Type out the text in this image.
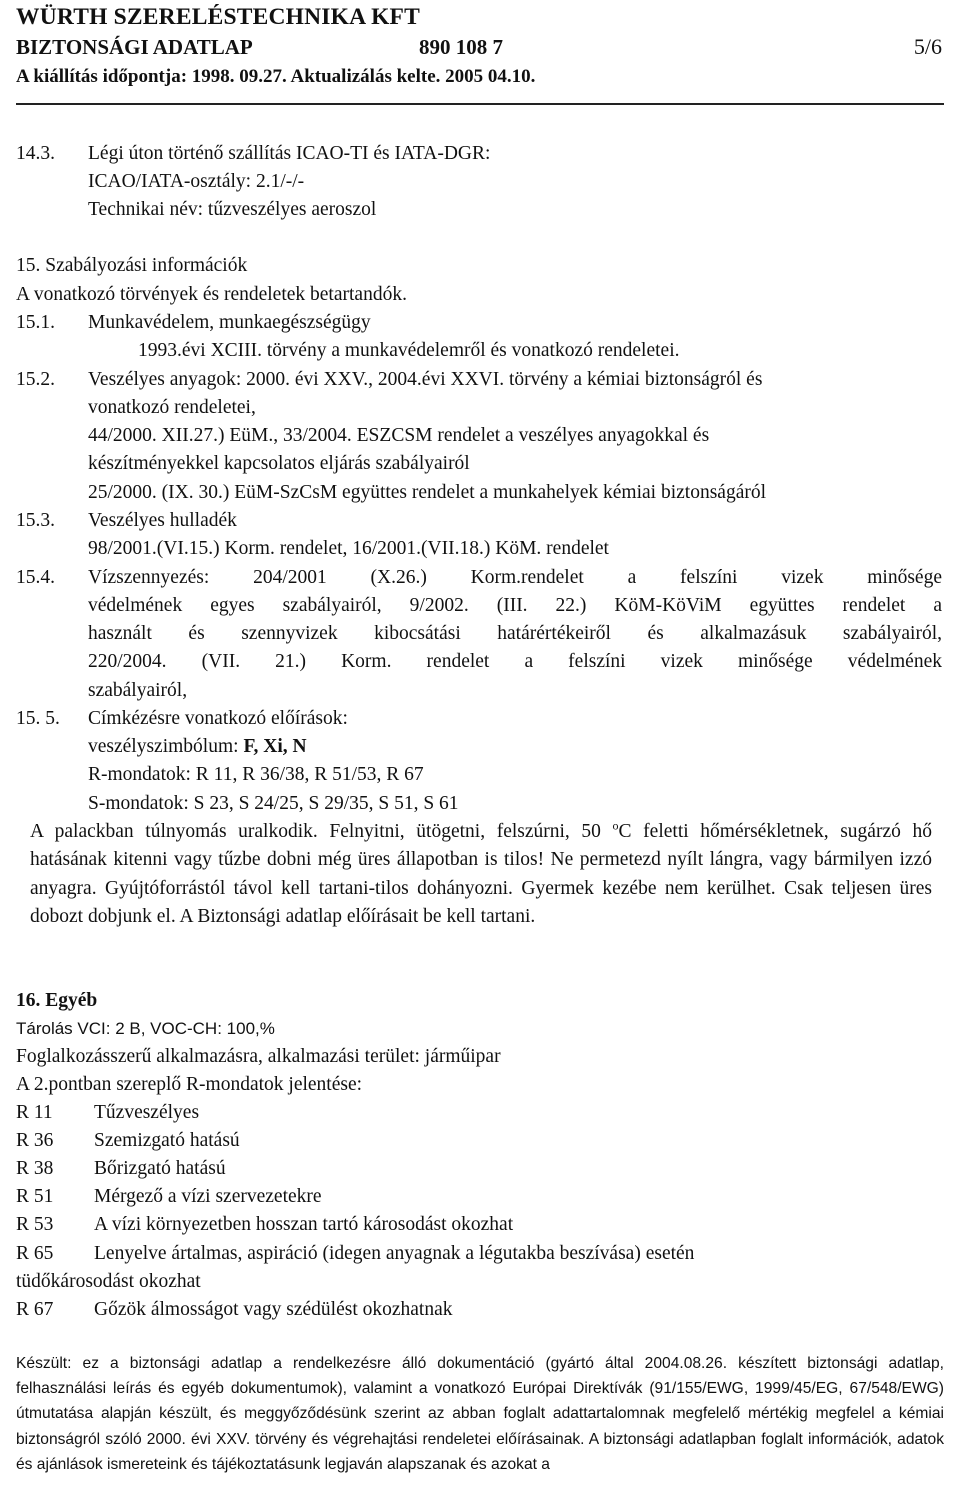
WÜRTH SZERELÉSTECHNIKA KFT
BIZTONSÁGI ADATLAP	890 108 7	5/6
A kiállítás időpontja: 1998. 09.27. Aktualizálás kelte. 2005 04.10.
14.3. Légi úton történő szállítás ICAO-TI és IATA-DGR:
ICAO/IATA-osztály: 2.1/-/-
Technikai név: tűzveszélyes aeroszol
15. Szabályozási információk
A vonatkozó törvények és rendeletek betartandók.
15.1. Munkavédelem, munkaegészségügy
1993.évi XCIII. törvény a munkavédelemről és vonatkozó rendeletei.
15.2. Veszélyes anyagok: 2000. évi XXV., 2004.évi XXVI. törvény a kémiai biztonságról és
vonatkozó rendeletei,
44/2000. XII.27.) EüM., 33/2004. ESZCSM rendelet a veszélyes anyagokkal és
készítményekkel kapcsolatos eljárás szabályairól
25/2000. (IX. 30.) EüM-SzCsM együttes rendelet a munkahelyek kémiai biztonságáról
15.3. Veszélyes hulladék
98/2001.(VI.15.) Korm. rendelet, 16/2001.(VII.18.) KöM. rendelet
15.4. Vízszennyezés: 204/2001 (X.26.) Korm.rendelet a felszíni vizek minősége
védelmének egyes szabályairól, 9/2002. (III. 22.) KöM-KöViM együttes rendelet a
használt és szennyvizek kibocsátási határértékeiről és alkalmazásuk szabályairól,
220/2004. (VII. 21.) Korm. rendelet a felszíni vizek minősége védelmének
szabályairól,
15. 5. Címkézésre vonatkozó előírások:
veszélyszimbólum: F, Xi, N
R-mondatok: R 11, R 36/38, R 51/53, R 67
S-mondatok: S 23, S 24/25, S 29/35, S 51, S 61
A palackban túlnyomás uralkodik. Felnyitni, ütögetni, felszúrni, 50 $^o$C feletti hőmérsékletnek, sugárzó hő hatásának kitenni vagy tűzbe dobni még üres állapotban is tilos! Ne permetezd nyílt lángra, vagy bármilyen izzó anyagra. Gyújtóforrástól távol kell tartani-tilos dohányozni. Gyermek kezébe nem kerülhet. Csak teljesen üres dobozt dobjunk el. A Biztonsági adatlap előírásait be kell tartani.
16. Egyéb
Tárolás VCI: 2 B, VOC-CH: 100,%
Foglalkozásszerű alkalmazásra, alkalmazási terület: járműipar
A 2.pontban szereplő R-mondatok jelentése:
R 11 Tűzveszélyes
R 36 Szemizgató hatású
R 38 Bőrizgató hatású
R 51 Mérgező a vízi szervezetekre
R 53 A vízi környezetben hosszan tartó károsodást okozhat
R 65 Lenyelve ártalmas, aspiráció (idegen anyagnak a légutakba beszívása) esetén
tüdőkárosodást okozhat
R 67 Gőzök álmosságot vagy szédülést okozhatnak
Készült: ez a biztonsági adatlap a rendelkezésre álló dokumentáció (gyártó által 2004.08.26. készített biztonsági adatlap, felhasználási leírás és egyéb dokumentumok), valamint a vonatkozó Európai Direktívák (91/155/EWG, 1999/45/EG, 67/548/EWG) útmutatása alapján készült, és meggyőződésünk szerint az abban foglalt adattartalomnak megfelelő mértékig megfelel a kémiai biztonságról szóló 2000. évi XXV. törvény és végrehajtási rendeletei előírásainak. A biztonsági adatlapban foglalt információk, adatok és ajánlások ismereteink és tájékoztatásunk legjaván alapszanak és azokat a
